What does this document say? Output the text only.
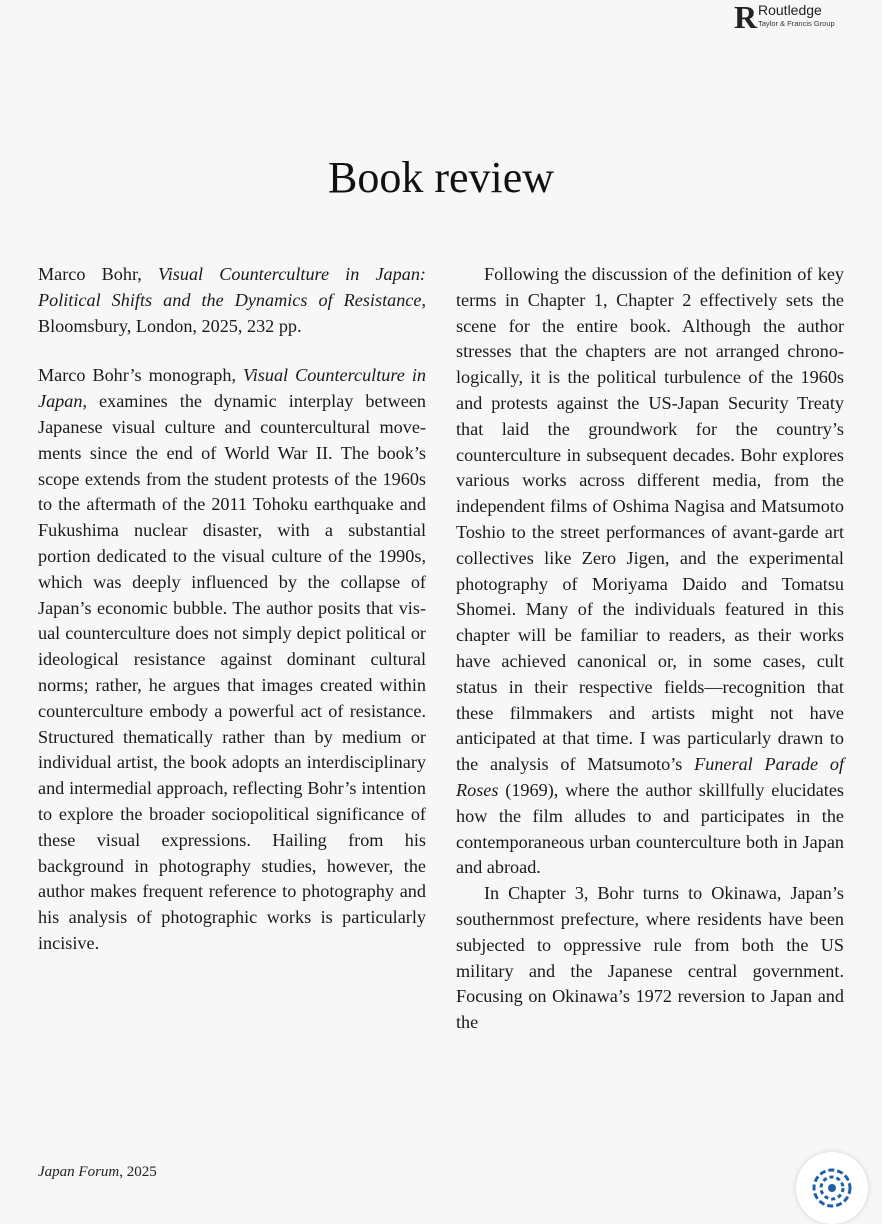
R Routledge
Taylor & Francis Group
Book review

Marco Bohr, Visual Counterculture in Japan: Political Shifts and the Dynamics of Resistance, Bloomsbury, London, 2025, 232 pp.

Marco Bohr’s monograph, Visual Counterculture in Japan, examines the dynamic interplay between Japanese visual culture and countercultural movements since the end of World War II. The book’s scope extends from the student protests of the 1960s to the aftermath of the 2011 Tohoku earthquake and Fukushima nuclear disaster, with a substantial portion dedicated to the visual culture of the 1990s, which was deeply influenced by the collapse of Japan’s economic bubble. The author posits that visual counterculture does not simply depict political or ideological resistance against dominant cultural norms; rather, he argues that images created within counterculture embody a powerful act of resistance. Structured thematically rather than by medium or individual artist, the book adopts an interdisciplinary and intermedial approach, reflecting Bohr’s intention to explore the broader sociopolitical significance of these visual expressions. Hailing from his background in photography studies, however, the author makes frequent reference to photography and his analysis of photographic works is particularly incisive.

Following the discussion of the definition of key terms in Chapter 1, Chapter 2 effectively sets the scene for the entire book. Although the author stresses that the chapters are not arranged chronologically, it is the political turbulence of the 1960s and protests against the US-Japan Security Treaty that laid the groundwork for the country’s counterculture in subsequent decades. Bohr explores various works across different media, from the independent films of Oshima Nagisa and Matsumoto Toshio to the street performances of avant-garde art collectives like Zero Jigen, and the experimental photography of Moriyama Daido and Tomatsu Shomei. Many of the individuals featured in this chapter will be familiar to readers, as their works have achieved canonical or, in some cases, cult status in their respective fields—recognition that these filmmakers and artists might not have anticipated at that time. I was particularly drawn to the analysis of Matsumoto’s Funeral Parade of Roses (1969), where the author skillfully elucidates how the film alludes to and participates in the contemporaneous urban counterculture both in Japan and abroad.

In Chapter 3, Bohr turns to Okinawa, Japan’s southernmost prefecture, where residents have been subjected to oppressive rule from both the US military and the Japanese central government. Focusing on Okinawa’s 1972 reversion to Japan and the

Japan Forum, 2025
